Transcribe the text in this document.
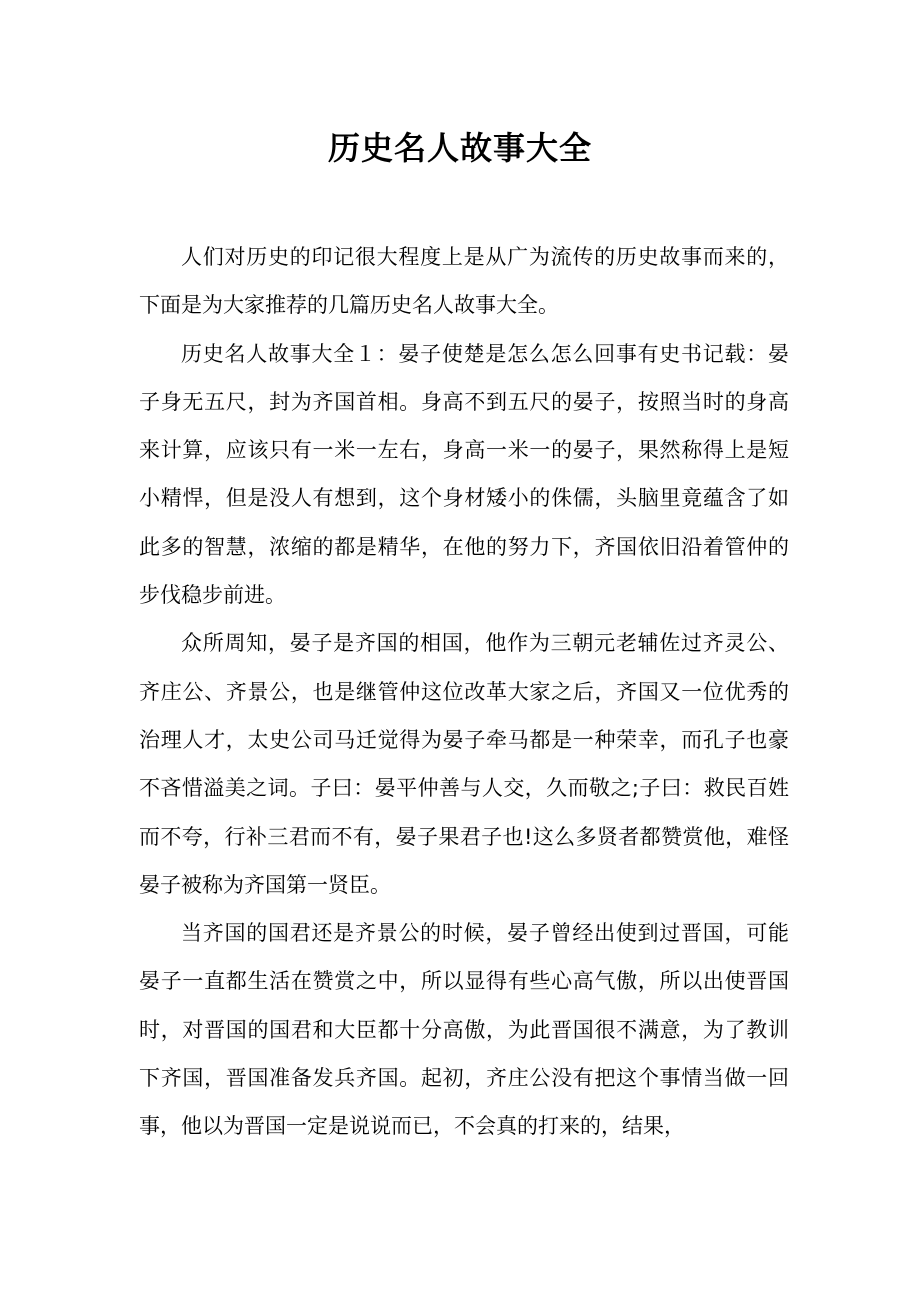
历史名人故事大全

人们对历史的印记很大程度上是从广为流传的历史故事而来的，下面是为大家推荐的几篇历史名人故事大全。

历史名人故事大全１：晏子使楚是怎么怎么回事有史书记载：晏子身无五尺，封为齐国首相。身高不到五尺的晏子，按照当时的身高来计算，应该只有一米一左右，身高一米一的晏子，果然称得上是短小精悍，但是没人有想到，这个身材矮小的侏儒，头脑里竟蕴含了如此多的智慧，浓缩的都是精华，在他的努力下，齐国依旧沿着管仲的步伐稳步前进。

众所周知，晏子是齐国的相国，他作为三朝元老辅佐过齐灵公、齐庄公、齐景公，也是继管仲这位改革大家之后，齐国又一位优秀的治理人才，太史公司马迁觉得为晏子牵马都是一种荣幸，而孔子也豪不吝惜溢美之词。子曰：晏平仲善与人交，久而敬之;子曰：救民百姓而不夸，行补三君而不有，晏子果君子也!这么多贤者都赞赏他，难怪晏子被称为齐国第一贤臣。

当齐国的国君还是齐景公的时候，晏子曾经出使到过晋国，可能晏子一直都生活在赞赏之中，所以显得有些心高气傲，所以出使晋国时，对晋国的国君和大臣都十分高傲，为此晋国很不满意，为了教训下齐国，晋国准备发兵齐国。起初，齐庄公没有把这个事情当做一回事，他以为晋国一定是说说而已，不会真的打来的，结果，
